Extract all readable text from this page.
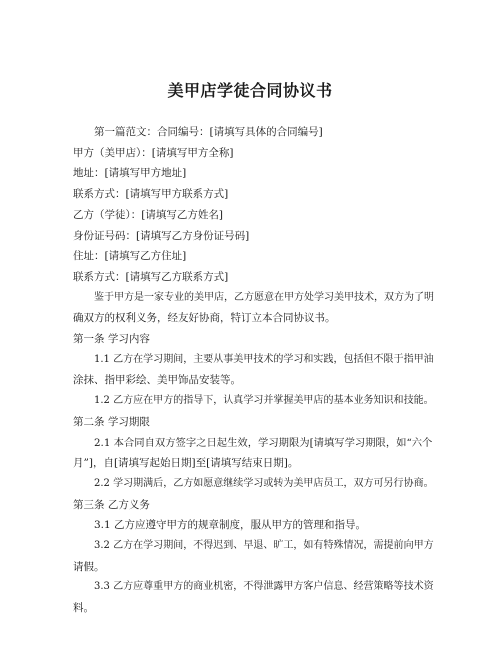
美甲店学徒合同协议书

第一篇范文：合同编号：[请填写具体的合同编号]

甲方（美甲店）：[请填写甲方全称]

地址：[请填写甲方地址]

联系方式：[请填写甲方联系方式]

乙方（学徒）：[请填写乙方姓名]

身份证号码：[请填写乙方身份证号码]

住址：[请填写乙方住址]

联系方式：[请填写乙方联系方式]

鉴于甲方是一家专业的美甲店，乙方愿意在甲方处学习美甲技术，双方为了明

确双方的权利义务，经友好协商，特订立本合同协议书。

第一条 学习内容

1.1 乙方在学习期间，主要从事美甲技术的学习和实践，包括但不限于指甲油

涂抹、指甲彩绘、美甲饰品安装等。

1.2 乙方应在甲方的指导下，认真学习并掌握美甲店的基本业务知识和技能。

第二条 学习期限

2.1 本合同自双方签字之日起生效，学习期限为[请填写学习期限，如“六个

月”]，自[请填写起始日期]至[请填写结束日期]。

2.2 学习期满后，乙方如愿意继续学习或转为美甲店员工，双方可另行协商。

第三条 乙方义务

3.1 乙方应遵守甲方的规章制度，服从甲方的管理和指导。

3.2 乙方在学习期间，不得迟到、早退、旷工，如有特殊情况，需提前向甲方

请假。

3.3 乙方应尊重甲方的商业机密，不得泄露甲方客户信息、经营策略等技术资

料。
